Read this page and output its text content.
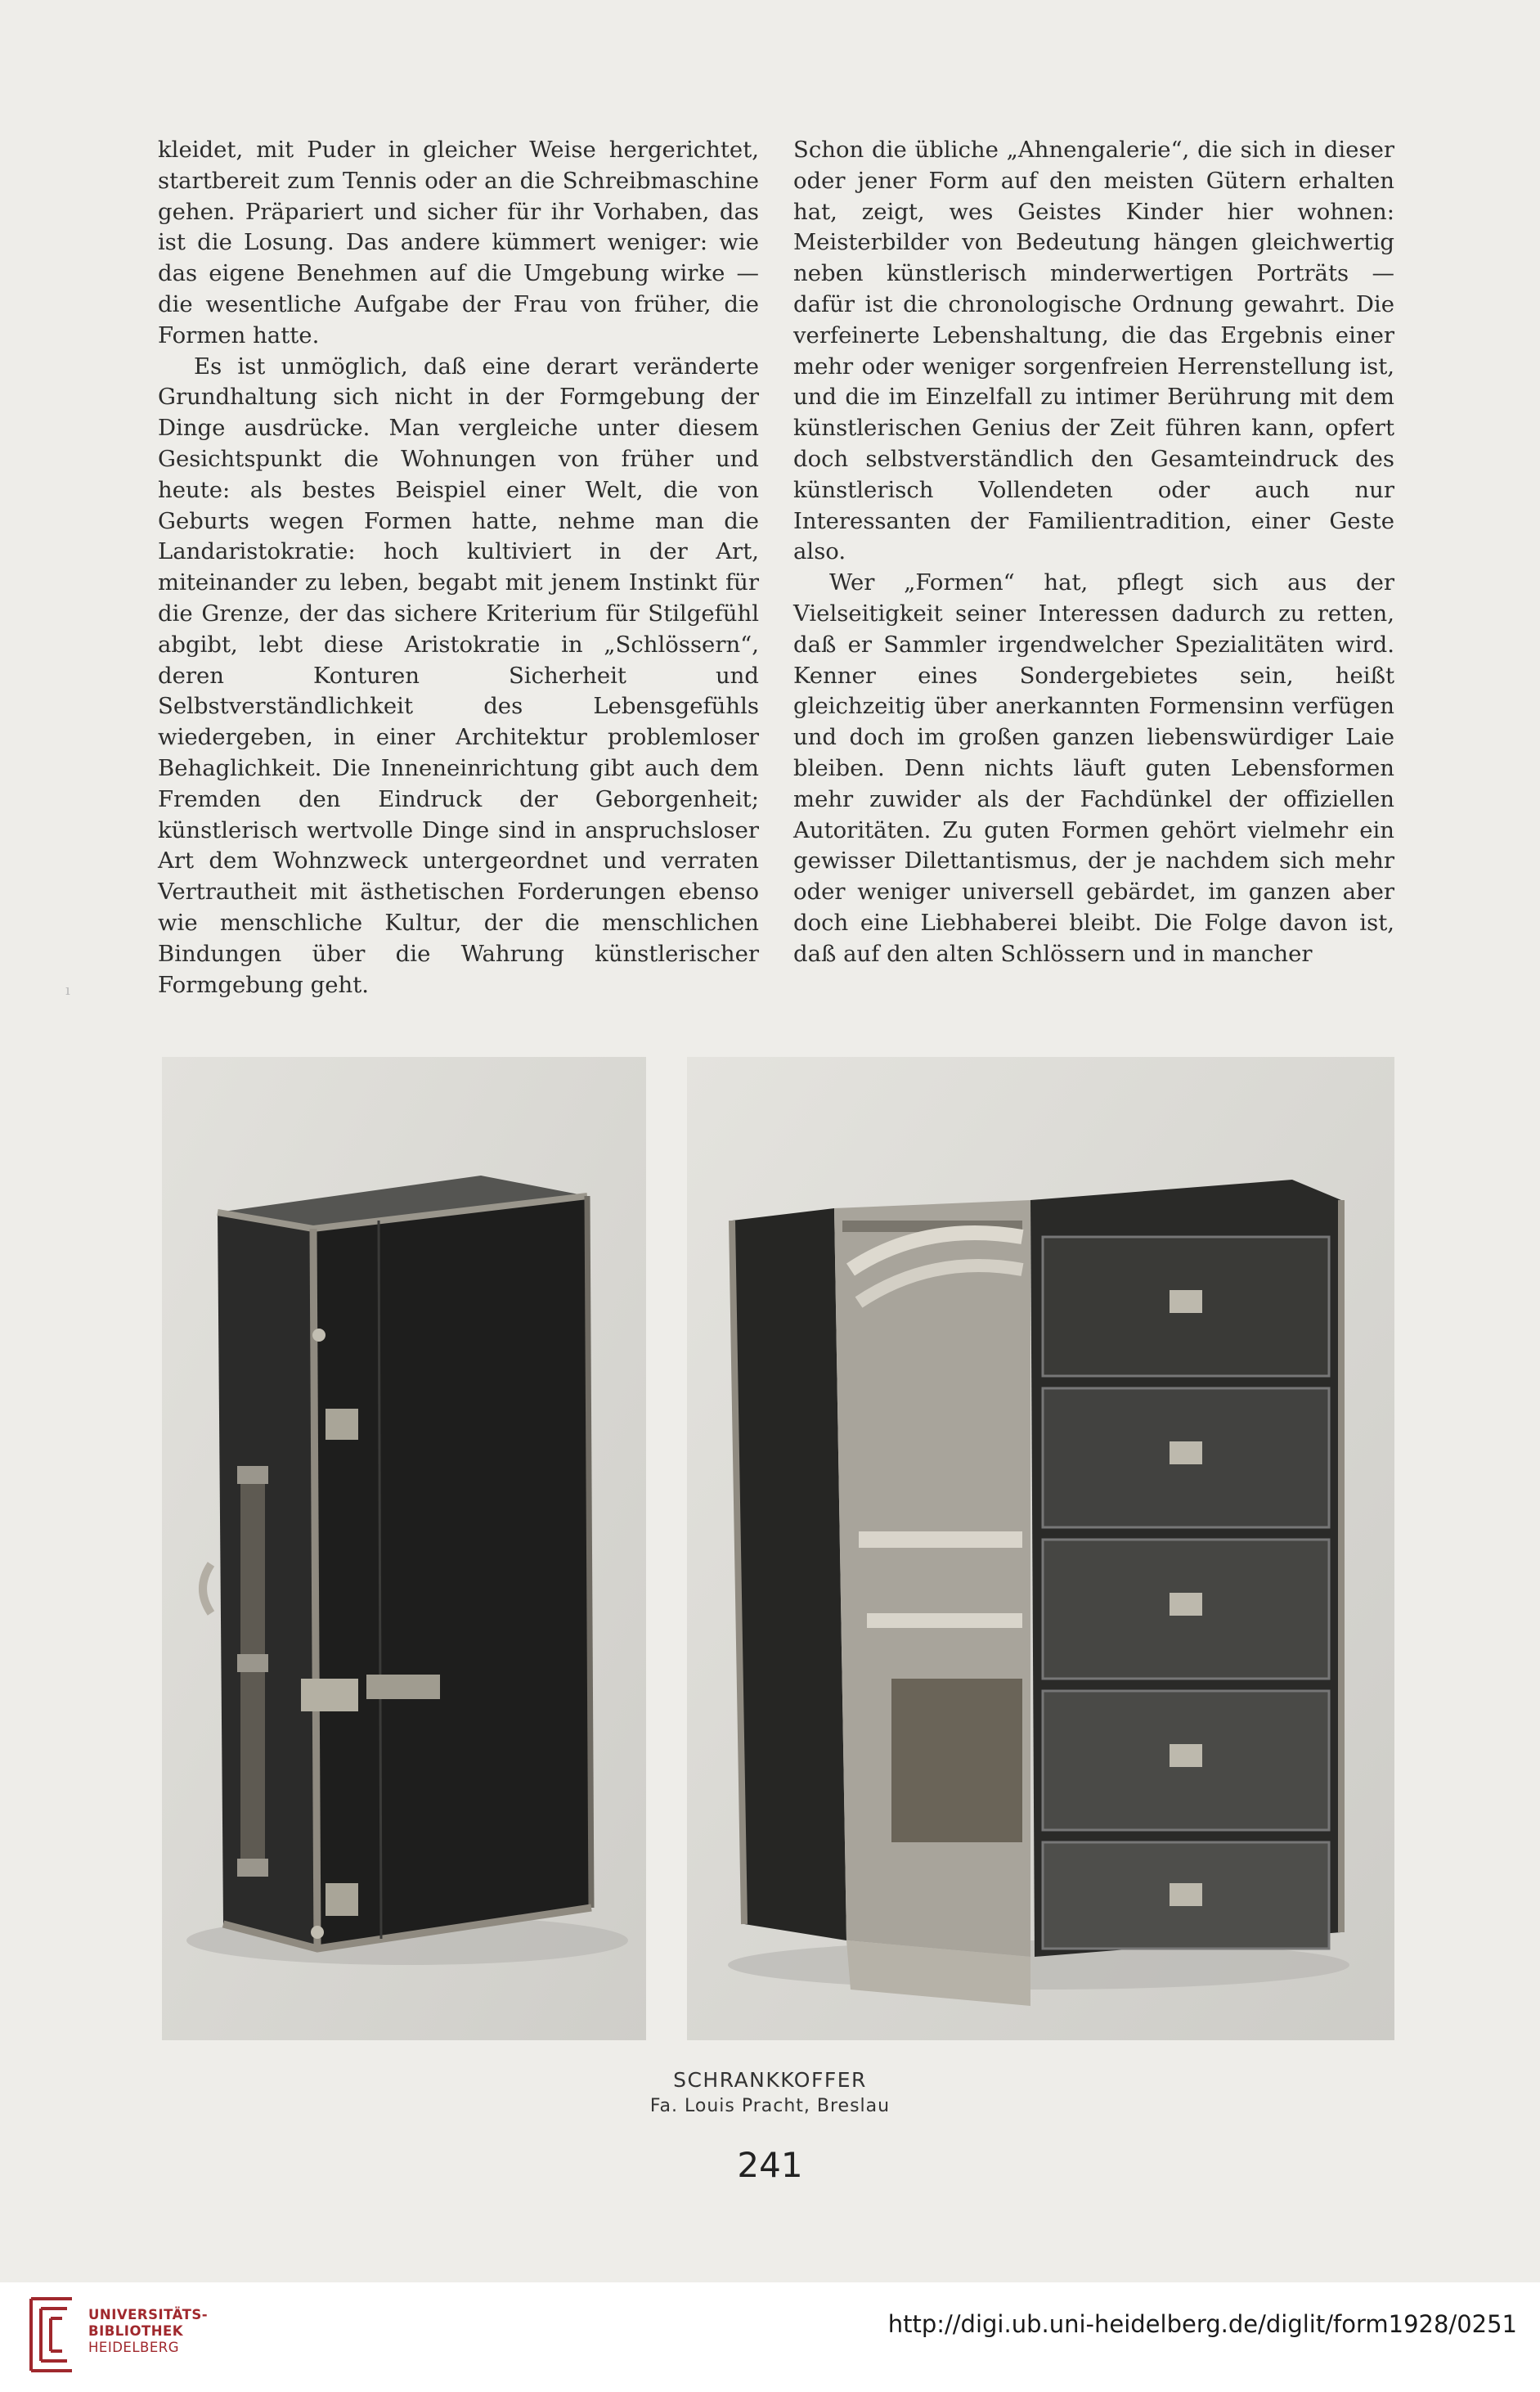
kleidet, mit Puder in gleicher Weise hergerichtet, startbereit zum Tennis oder an die Schreibmaschine gehen. Präpariert und sicher für ihr Vorhaben, das ist die Losung. Das andere kümmert weniger: wie das eigene Benehmen auf die Umgebung wirke — die wesentliche Aufgabe der Frau von früher, die Formen hatte.

Es ist unmöglich, daß eine derart veränderte Grundhaltung sich nicht in der Formgebung der Dinge ausdrücke. Man vergleiche unter diesem Gesichtspunkt die Wohnungen von früher und heute: als bestes Beispiel einer Welt, die von Geburts wegen Formen hatte, nehme man die Landaristokratie: hoch kultiviert in der Art, miteinander zu leben, begabt mit jenem Instinkt für die Grenze, der das sichere Kriterium für Stilgefühl abgibt, lebt diese Aristokratie in „Schlössern“, deren Konturen Sicherheit und Selbstverständlichkeit des Lebensgefühls wiedergeben, in einer Architektur problemloser Behaglichkeit. Die Inneneinrichtung gibt auch dem Fremden den Eindruck der Geborgenheit; künstlerisch wertvolle Dinge sind in anspruchsloser Art dem Wohnzweck untergeordnet und verraten Vertrautheit mit ästhetischen Forderungen ebenso wie menschliche Kultur, der die menschlichen Bindungen über die Wahrung künstlerischer Formgebung geht.

Schon die übliche „Ahnengalerie“, die sich in dieser oder jener Form auf den meisten Gütern erhalten hat, zeigt, wes Geistes Kinder hier wohnen: Meisterbilder von Bedeutung hängen gleichwertig neben künstlerisch minderwertigen Porträts — dafür ist die chronologische Ordnung gewahrt. Die verfeinerte Lebenshaltung, die das Ergebnis einer mehr oder weniger sorgenfreien Herrenstellung ist, und die im Einzelfall zu intimer Berührung mit dem künstlerischen Genius der Zeit führen kann, opfert doch selbstverständlich den Gesamteindruck des künstlerisch Vollendeten oder auch nur Interessanten der Familientradition, einer Geste also.

Wer „Formen“ hat, pflegt sich aus der Vielseitigkeit seiner Interessen dadurch zu retten, daß er Sammler irgendwelcher Spezialitäten wird. Kenner eines Sondergebietes sein, heißt gleichzeitig über anerkannten Formensinn verfügen und doch im großen ganzen liebenswürdiger Laie bleiben. Denn nichts läuft guten Lebensformen mehr zuwider als der Fachdünkel der offiziellen Autoritäten. Zu guten Formen gehört vielmehr ein gewisser Dilettantismus, der je nachdem sich mehr oder weniger universell gebärdet, im ganzen aber doch eine Liebhaberei bleibt. Die Folge davon ist, daß auf den alten Schlössern und in mancher

ı
SCHRANKKOFFER
Fa. Louis Pracht, Breslau
241
UNIVERSITÄTS-
BIBLIOTHEK
HEIDELBERG
http://digi.ub.uni-heidelberg.de/diglit/form1928/0251
